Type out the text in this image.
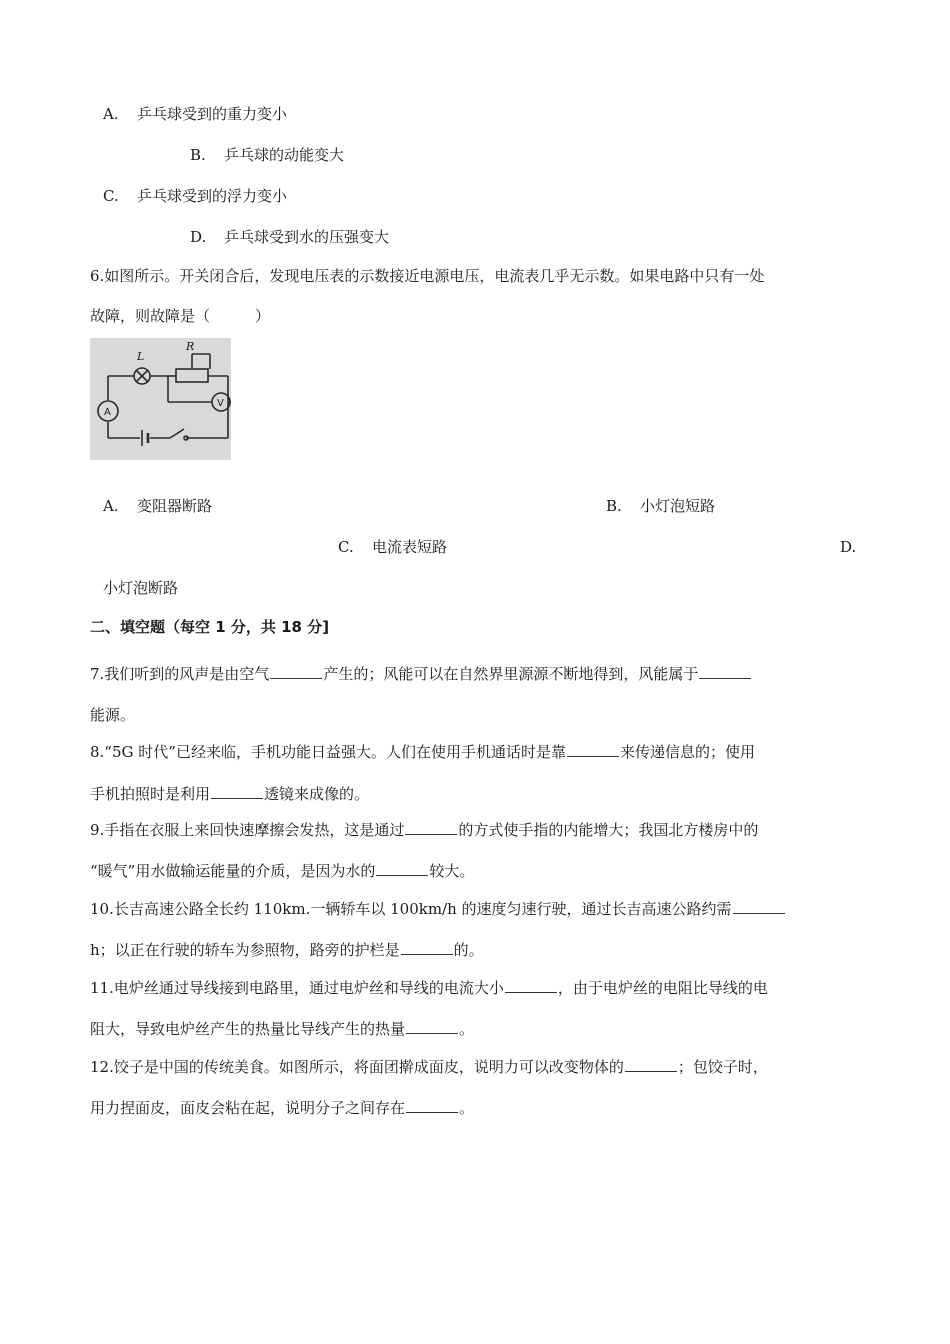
A. 乒乓球受到的重力变小
B. 乒乓球的动能变大
C. 乒乓球受到的浮力变小
D. 乒乓球受到水的压强变大
6.如图所示。开关闭合后，发现电压表的示数接近电源电压，电流表几乎无示数。如果电路中只有一处
故障，则故障是（　　　）
L
R
A
V
A. 变阻器断路	B. 小灯泡短路
C. 电流表短路	D.
小灯泡断路
二、填空题（每空 1 分，共 18 分]
7.我们听到的风声是由空气	产生的；风能可以在自然界里源源不断地得到，风能属于
能源。
8.“5G 时代”已经来临，手机功能日益强大。人们在使用手机通话时是靠	来传递信息的；使用
手机拍照时是利用	透镜来成像的。
9.手指在衣服上来回快速摩擦会发热，这是通过	的方式使手指的内能增大；我国北方楼房中的
“暖气”用水做输运能量的介质，是因为水的	较大。
10.长吉高速公路全长约 110km.一辆轿车以 100km/h 的速度匀速行驶，通过长吉高速公路约需
h；以正在行驶的轿车为参照物，路旁的护栏是	的。
11.电炉丝通过导线接到电路里，通过电炉丝和导线的电流大小	，由于电炉丝的电阻比导线的电
阻大，导致电炉丝产生的热量比导线产生的热量	。
12.饺子是中国的传统美食。如图所示，将面团擀成面皮，说明力可以改变物体的	；包饺子时，
用力捏面皮，面皮会粘在起，说明分子之间存在	。
